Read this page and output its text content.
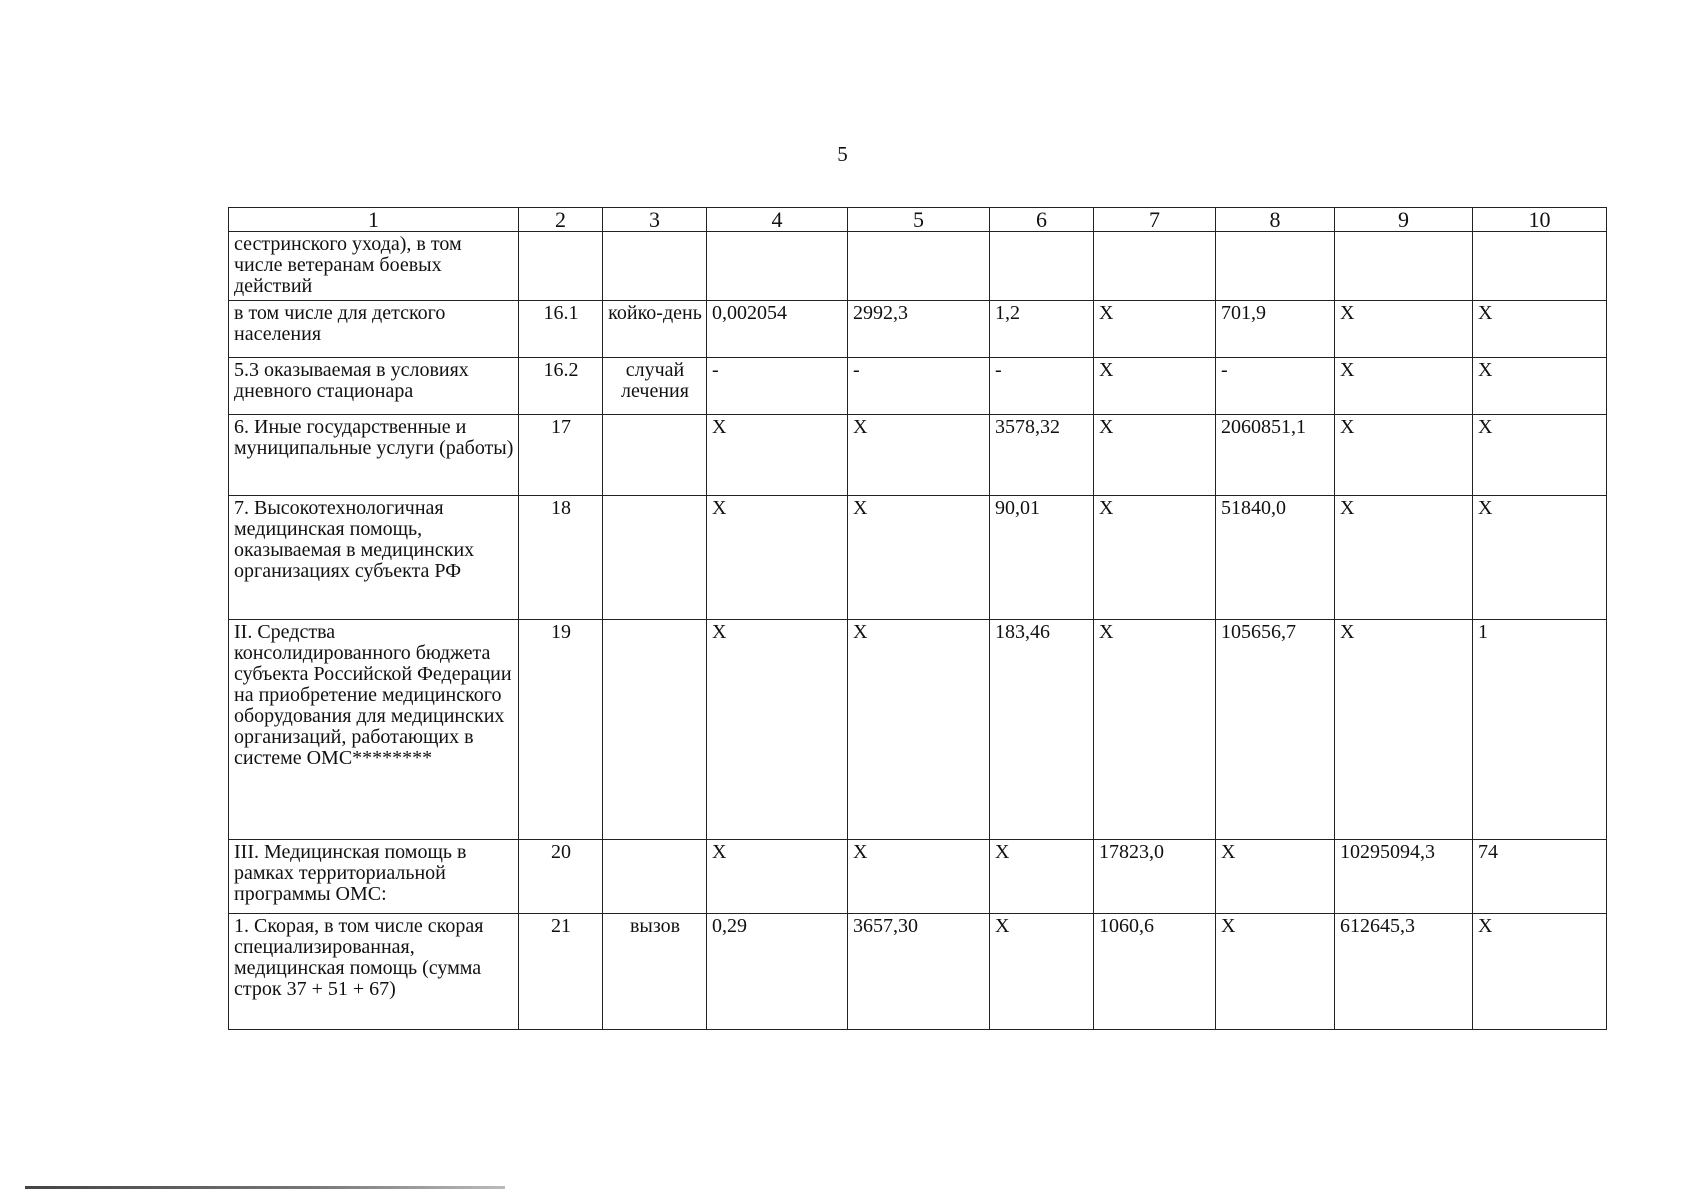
5
1	2	3	4	5	6	7	8	9	10
сестринского ухода), в том числе ветеранам боевых действий									
в том числе для детского населения	16.1	койко-день	0,002054	2992,3	1,2	X	701,9	X	X
5.3 оказываемая в условиях дневного стационара	16.2	случай лечения	-	-	-	X	-	X	X
6. Иные государственные и муниципальные услуги (работы)	17		X	X	3578,32	X	2060851,1	X	X
7. Высокотехнологичная медицинская помощь, оказываемая в медицинских организациях субъекта РФ	18		X	X	90,01	X	51840,0	X	X
II. Средства консолидированного бюджета субъекта Российской Федерации на приобретение медицинского оборудования для медицинских организаций, работающих в системе ОМС********	19		X	X	183,46	X	105656,7	X	1
III. Медицинская помощь в рамках территориальной программы ОМС:	20		X	X	X	17823,0	X	10295094,3	74
1. Скорая, в том числе скорая специализированная, медицинская помощь (сумма строк 37 + 51 + 67)	21	вызов	0,29	3657,30	X	1060,6	X	612645,3	X
